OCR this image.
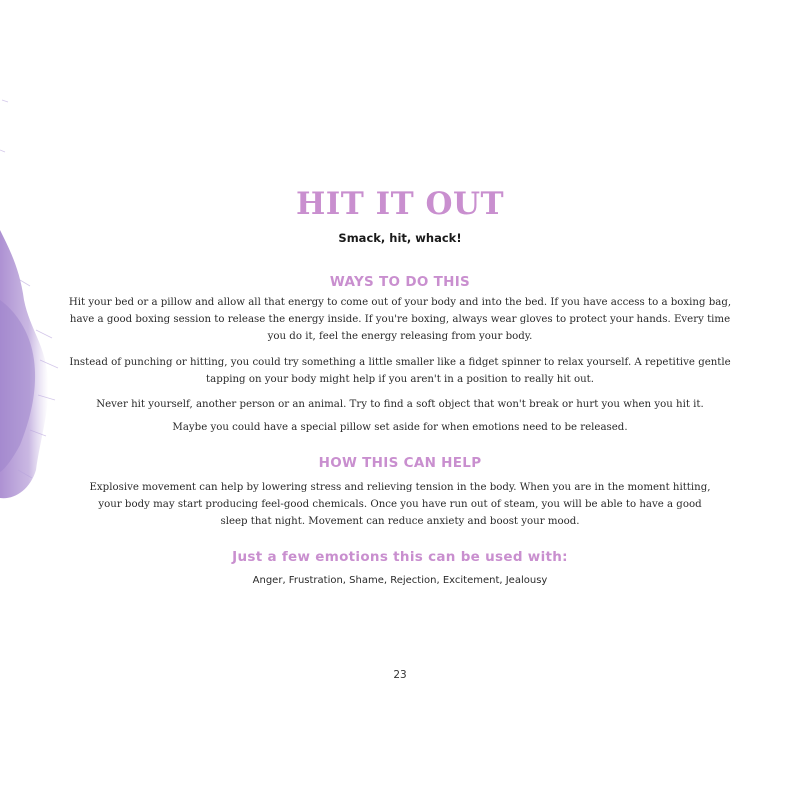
HIT IT OUT
Smack, hit, whack!
WAYS TO DO THIS
Hit your bed or a pillow and allow all that energy to come out of your body and into the bed. If you have access to a boxing bag,
have a good boxing session to release the energy inside. If you're boxing, always wear gloves to protect your hands. Every time
you do it, feel the energy releasing from your body.
Instead of punching or hitting, you could try something a little smaller like a fidget spinner to relax yourself. A repetitive gentle
tapping on your body might help if you aren't in a position to really hit out.
Never hit yourself, another person or an animal. Try to find a soft object that won't break or hurt you when you hit it.
Maybe you could have a special pillow set aside for when emotions need to be released.
HOW THIS CAN HELP
Explosive movement can help by lowering stress and relieving tension in the body. When you are in the moment hitting,
your body may start producing feel-good chemicals. Once you have run out of steam, you will be able to have a good
sleep that night. Movement can reduce anxiety and boost your mood.
Just a few emotions this can be used with:
Anger, Frustration, Shame, Rejection, Excitement, Jealousy
23
